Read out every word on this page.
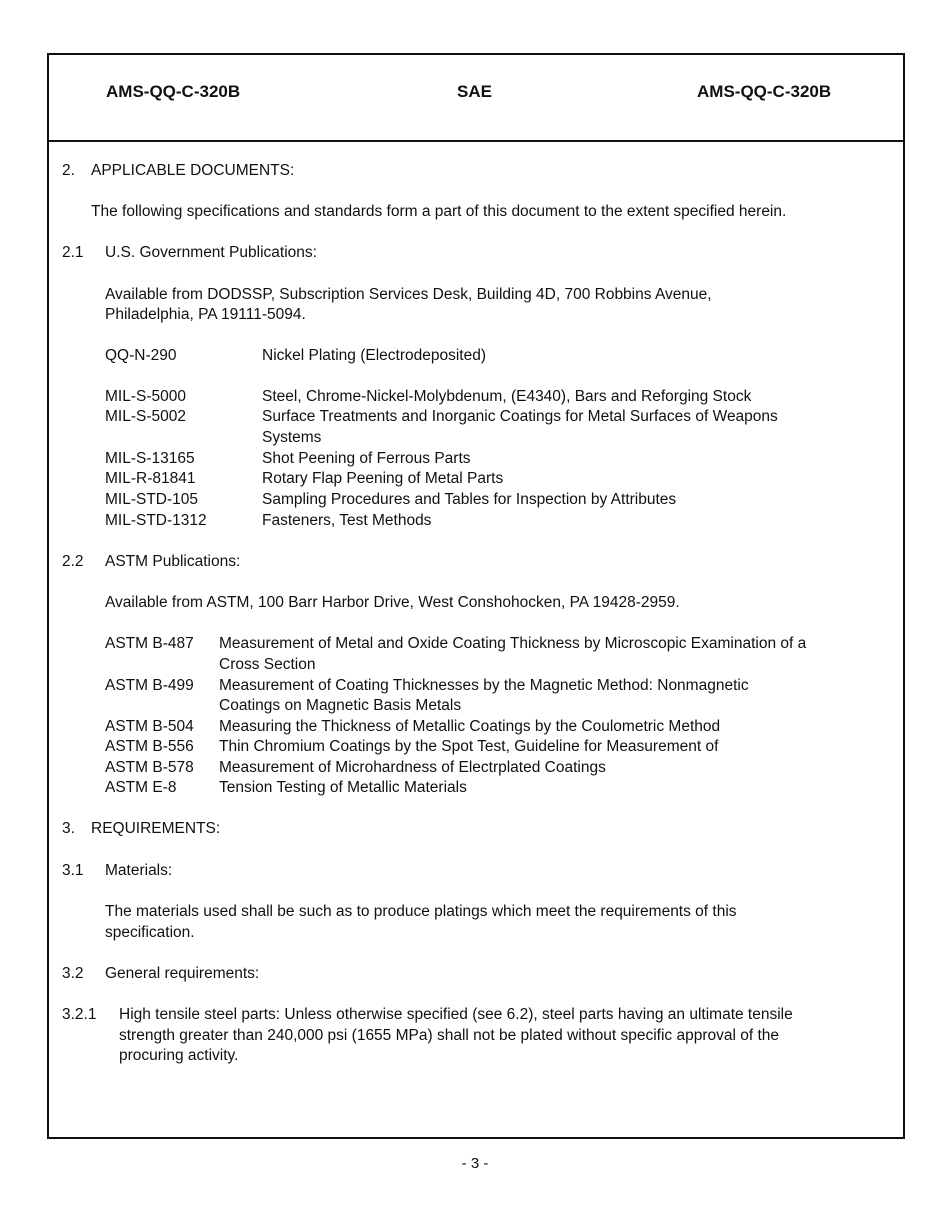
AMS-QQ-C-320B	SAE	AMS-QQ-C-320B
2. APPLICABLE DOCUMENTS:
The following specifications and standards form a part of this document to the extent specified herein.
2.1 U.S. Government Publications:
Available from DODSSP, Subscription Services Desk, Building 4D, 700 Robbins Avenue,
Philadelphia, PA 19111-5094.
QQ-N-290	Nickel Plating (Electrodeposited)
MIL-S-5000	Steel, Chrome-Nickel-Molybdenum, (E4340), Bars and Reforging Stock
MIL-S-5002	Surface Treatments and Inorganic Coatings for Metal Surfaces of Weapons
Systems
MIL-S-13165	Shot Peening of Ferrous Parts
MIL-R-81841	Rotary Flap Peening of Metal Parts
MIL-STD-105	Sampling Procedures and Tables for Inspection by Attributes
MIL-STD-1312	Fasteners, Test Methods
2.2 ASTM Publications:
Available from ASTM, 100 Barr Harbor Drive, West Conshohocken, PA 19428-2959.
ASTM B-487 Measurement of Metal and Oxide Coating Thickness by Microscopic Examination of a
Cross Section
ASTM B-499 Measurement of Coating Thicknesses by the Magnetic Method: Nonmagnetic
Coatings on Magnetic Basis Metals
ASTM B-504 Measuring the Thickness of Metallic Coatings by the Coulometric Method
ASTM B-556 Thin Chromium Coatings by the Spot Test, Guideline for Measurement of
ASTM B-578 Measurement of Microhardness of Electrplated Coatings
ASTM E-8	Tension Testing of Metallic Materials
3. REQUIREMENTS:
3.1 Materials:
The materials used shall be such as to produce platings which meet the requirements of this
specification.
3.2 General requirements:
3.2.1 High tensile steel parts: Unless otherwise specified (see 6.2), steel parts having an ultimate tensile
strength greater than 240,000 psi (1655 MPa) shall not be plated without specific approval of the
procuring activity.
- 3 -
